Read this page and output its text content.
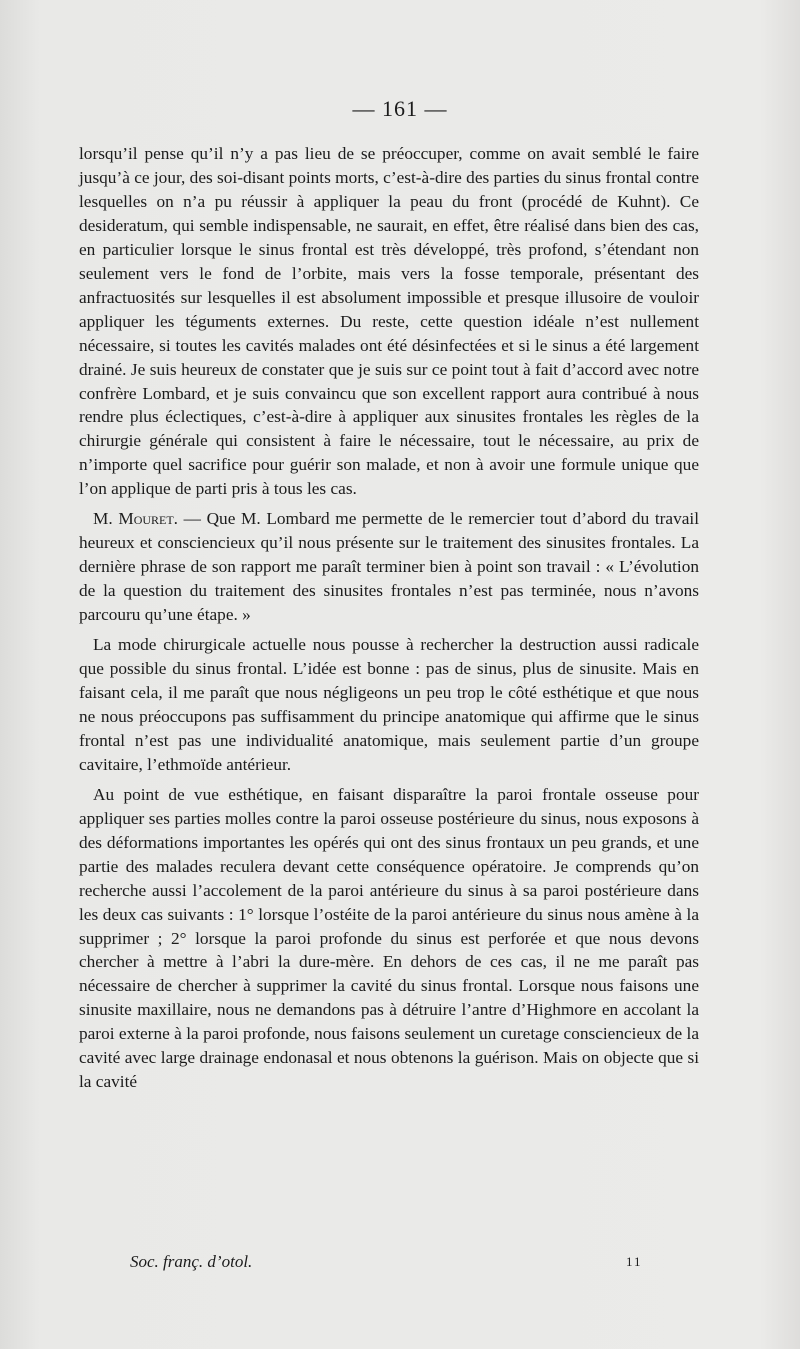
— 161 —

lorsqu’il pense qu’il n’y a pas lieu de se préoccuper, comme on avait semblé le faire jusqu’à ce jour, des soi-disant points morts, c’est-à-dire des parties du sinus frontal contre lesquelles on n’a pu réussir à appliquer la peau du front (procédé de Kuhnt). Ce desideratum, qui semble indispensable, ne saurait, en effet, être réalisé dans bien des cas, en particulier lorsque le sinus frontal est très développé, très profond, s’étendant non seulement vers le fond de l’orbite, mais vers la fosse temporale, présentant des anfractuosités sur lesquelles il est absolument impossible et presque illusoire de vouloir appliquer les téguments externes. Du reste, cette question idéale n’est nullement nécessaire, si toutes les cavités malades ont été désinfectées et si le sinus a été largement drainé. Je suis heureux de constater que je suis sur ce point tout à fait d’accord avec notre confrère Lombard, et je suis convaincu que son excellent rapport aura contribué à nous rendre plus éclectiques, c’est-à-dire à appliquer aux sinusites frontales les règles de la chirurgie générale qui consistent à faire le nécessaire, tout le nécessaire, au prix de n’importe quel sacrifice pour guérir son malade, et non à avoir une formule unique que l’on applique de parti pris à tous les cas.

M. Mouret. — Que M. Lombard me permette de le remercier tout d’abord du travail heureux et consciencieux qu’il nous présente sur le traitement des sinusites frontales. La dernière phrase de son rapport me paraît terminer bien à point son travail : « L’évolution de la question du traitement des sinusites frontales n’est pas terminée, nous n’avons parcouru qu’une étape. »

La mode chirurgicale actuelle nous pousse à rechercher la destruction aussi radicale que possible du sinus frontal. L’idée est bonne : pas de sinus, plus de sinusite. Mais en faisant cela, il me paraît que nous négligeons un peu trop le côté esthétique et que nous ne nous préoccupons pas suffisamment du principe anatomique qui affirme que le sinus frontal n’est pas une individualité anatomique, mais seulement partie d’un groupe cavitaire, l’ethmoïde antérieur.

Au point de vue esthétique, en faisant disparaître la paroi frontale osseuse pour appliquer ses parties molles contre la paroi osseuse postérieure du sinus, nous exposons à des déformations importantes les opérés qui ont des sinus frontaux un peu grands, et une partie des malades reculera devant cette conséquence opératoire. Je comprends qu’on recherche aussi l’accolement de la paroi antérieure du sinus à sa paroi postérieure dans les deux cas suivants : 1° lorsque l’ostéite de la paroi antérieure du sinus nous amène à la supprimer ; 2° lorsque la paroi profonde du sinus est perforée et que nous devons chercher à mettre à l’abri la dure-mère. En dehors de ces cas, il ne me paraît pas nécessaire de chercher à supprimer la cavité du sinus frontal. Lorsque nous faisons une sinusite maxillaire, nous ne demandons pas à détruire l’antre d’Highmore en accolant la paroi externe à la paroi profonde, nous faisons seulement un curetage consciencieux de la cavité avec large drainage endonasal et nous obtenons la guérison. Mais on objecte que si la cavité

Soc. franç. d’otol.	11
